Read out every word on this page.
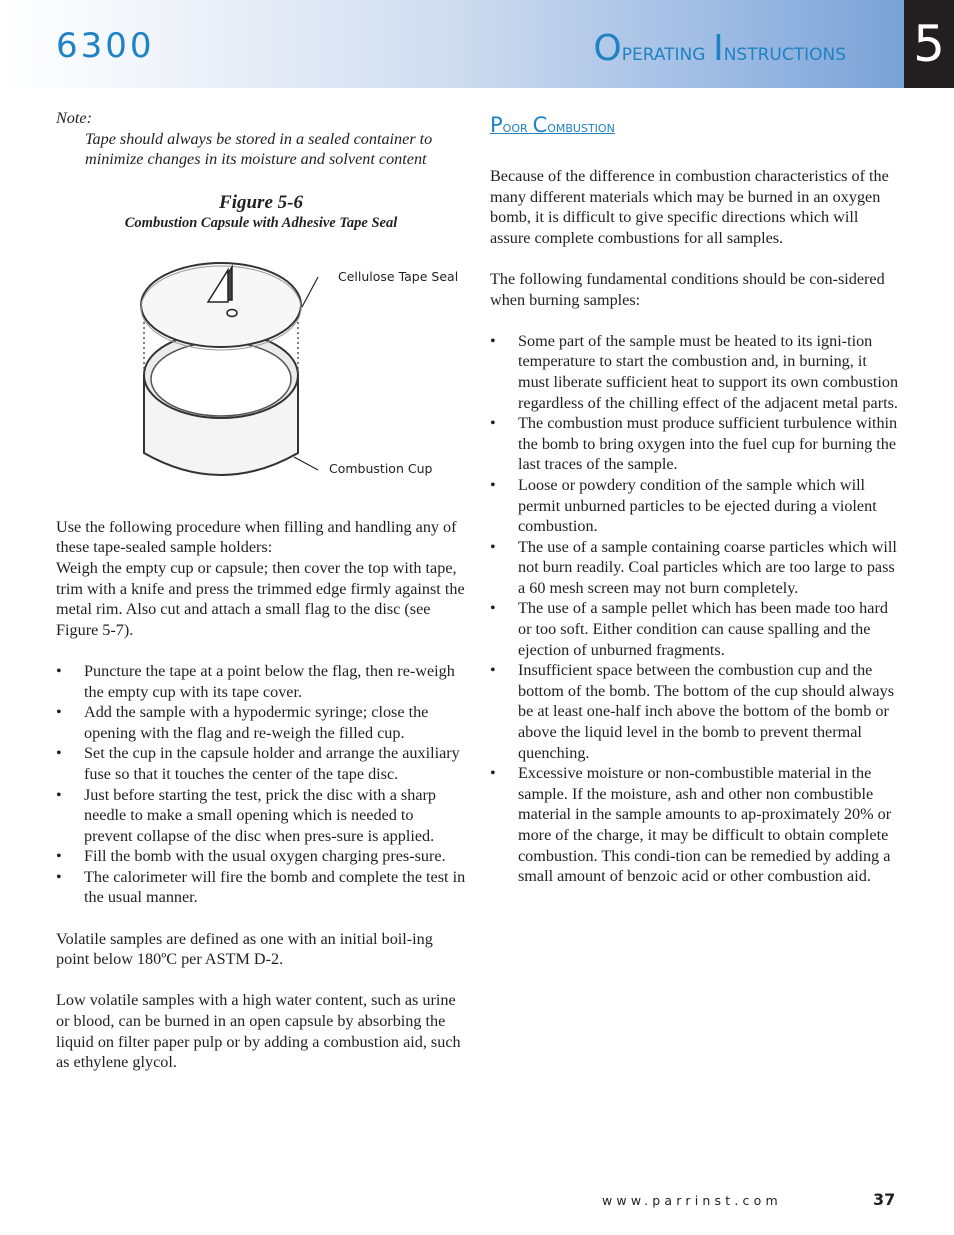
6300	Operating Instructions 5
Note:
Tape should always be stored in a sealed container to minimize changes in its moisture and solvent content
Figure 5-6
Combustion Capsule with Adhesive Tape Seal
Cellulose Tape Seal
Combustion Cup

Use the following procedure when filling and handling any of these tape-sealed sample holders:

Weigh the empty cup or capsule; then cover the top with tape, trim with a knife and press the trimmed edge firmly against the metal rim. Also cut and attach a small flag to the disc (see Figure 5-7).

• Puncture the tape at a point below the flag, then re-weigh the empty cup with its tape cover.
• Add the sample with a hypodermic syringe; close the opening with the flag and re-weigh the filled cup.
• Set the cup in the capsule holder and arrange the auxiliary fuse so that it touches the center of the tape disc.
• Just before starting the test, prick the disc with a sharp needle to make a small opening which is needed to prevent collapse of the disc when pres-sure is applied.
• Fill the bomb with the usual oxygen charging pres-sure.
• The calorimeter will fire the bomb and complete the test in the usual manner.

Volatile samples are defined as one with an initial boil-ing point below 180ºC per ASTM D-2.

Low volatile samples with a high water content, such as urine or blood, can be burned in an open capsule by absorbing the liquid on filter paper pulp or by adding a combustion aid, such as ethylene glycol.

Poor Combustion

Because of the difference in combustion characteristics of the many different materials which may be burned in an oxygen bomb, it is difficult to give specific directions which will assure complete combustions for all samples.

The following fundamental conditions should be con-sidered when burning samples:

• Some part of the sample must be heated to its igni-tion temperature to start the combustion and, in burning, it must liberate sufficient heat to support its own combustion regardless of the chilling effect of the adjacent metal parts.
• The combustion must produce sufficient turbulence within the bomb to bring oxygen into the fuel cup for burning the last traces of the sample.
• Loose or powdery condition of the sample which will permit unburned particles to be ejected during a violent combustion.
• The use of a sample containing coarse particles which will not burn readily. Coal particles which are too large to pass a 60 mesh screen may not burn completely.
• The use of a sample pellet which has been made too hard or too soft. Either condition can cause spalling and the ejection of unburned fragments.
• Insufficient space between the combustion cup and the bottom of the bomb. The bottom of the cup should always be at least one-half inch above the bottom of the bomb or above the liquid level in the bomb to prevent thermal quenching.
• Excessive moisture or non-combustible material in the sample. If the moisture, ash and other non combustible material in the sample amounts to ap-proximately 20% or more of the charge, it may be difficult to obtain complete combustion. This condi-tion can be remedied by adding a small amount of benzoic acid or other combustion aid.
www.parrinst.com	37
